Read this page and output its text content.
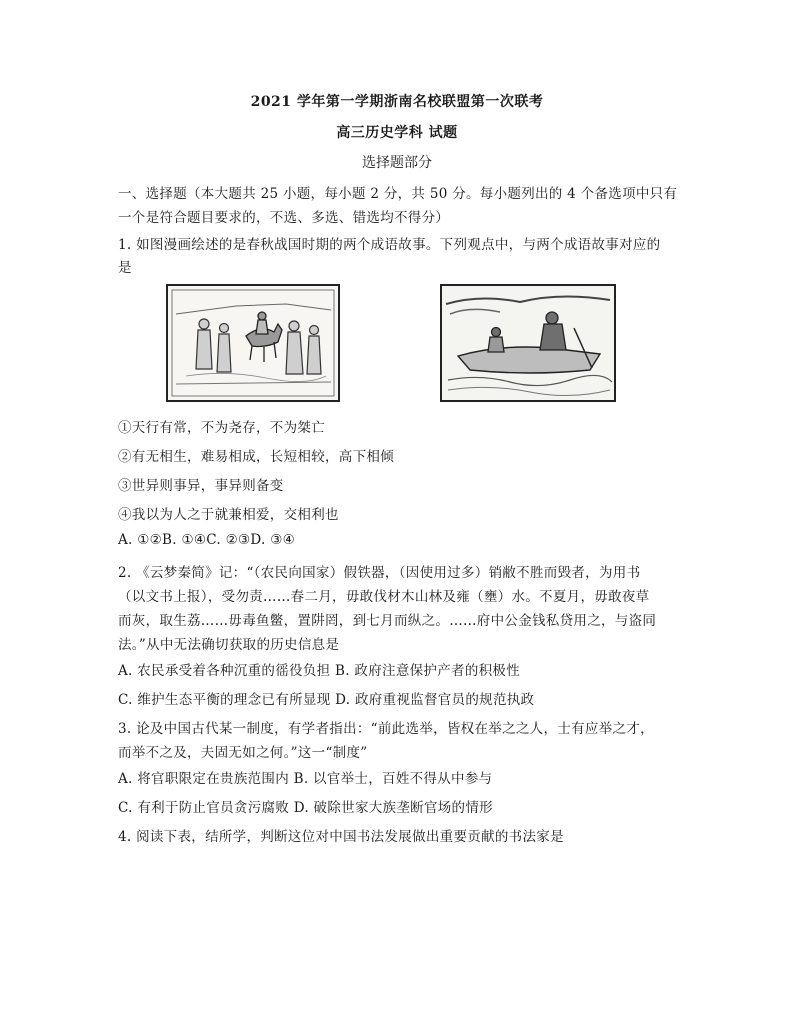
2021 学年第一学期浙南名校联盟第一次联考
高三历史学科 试题
选择题部分
一、选择题（本大题共 25 小题，每小题 2 分，共 50 分。每小题列出的 4 个备选项中只有
一个是符合题目要求的，不选、多选、错选均不得分）
1. 如图漫画绘述的是春秋战国时期的两个成语故事。下列观点中，与两个成语故事对应的
是
①天行有常，不为尧存，不为桀亡
②有无相生，难易相成，长短相较，高下相倾
③世异则事异，事异则备变
④我以为人之于就兼相爱，交相利也
A. ①②B. ①④C. ②③D. ③④
2. 《云梦秦简》记：“（农民向国家）假铁器，（因使用过多）销敝不胜而毁者，为用书
（以文书上报），受勿责……春二月，毋敢伐材木山林及雍（壅）水。不夏月，毋敢夜草
而灰，取生荔……毋毒鱼鳖，置阱罔，到七月而纵之。……府中公金钱私贷用之，与盗同
法。”从中无法确切获取的历史信息是
A. 农民承受着各种沉重的徭役负担 B. 政府注意保护产者的积极性
C. 维护生态平衡的理念已有所显现 D. 政府重视监督官员的规范执政
3. 论及中国古代某一制度，有学者指出：“前此选举，皆权在举之之人，士有应举之才，
而举不之及，夫固无如之何。”这一“制度”
A. 将官职限定在贵族范围内 B. 以官举士，百姓不得从中参与
C. 有利于防止官员贪污腐败 D. 破除世家大族垄断官场的情形
4. 阅读下表，结所学，判断这位对中国书法发展做出重要贡献的书法家是
